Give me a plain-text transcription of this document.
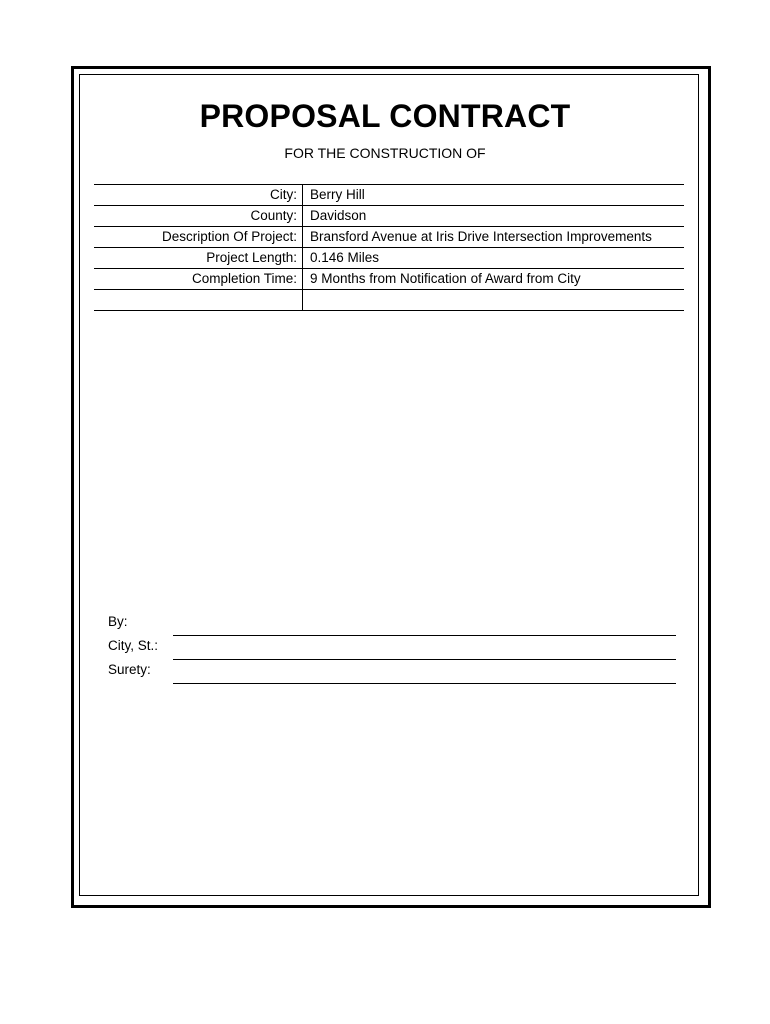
PROPOSAL CONTRACT
FOR THE CONSTRUCTION OF
City:	Berry Hill
County:	Davidson
Description Of Project:	Bransford Avenue at Iris Drive Intersection Improvements
Project Length:	0.146 Miles
Completion Time:	9 Months from Notification of Award from City

By:
City, St.:
Surety:
